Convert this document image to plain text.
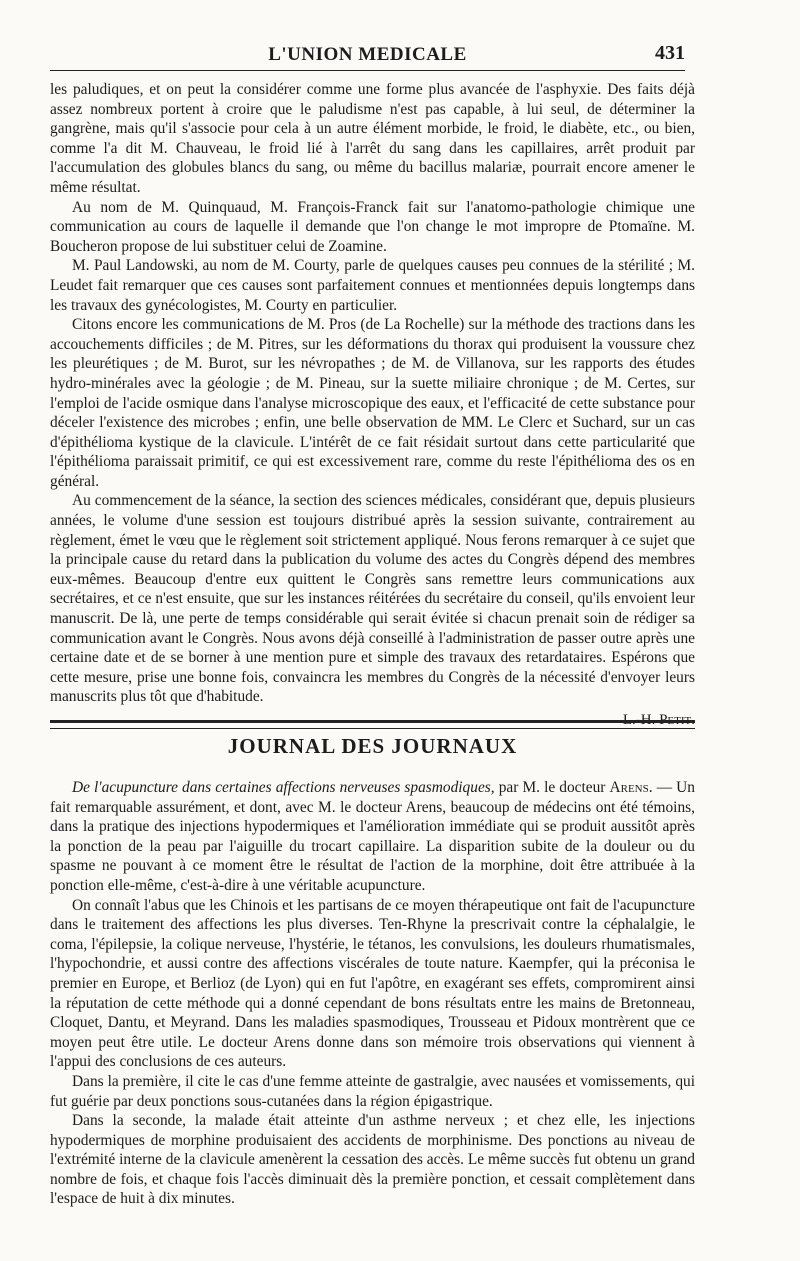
L'UNION MEDICALE	431

les paludiques, et on peut la considérer comme une forme plus avancée de l'asphyxie. Des faits déjà assez nombreux portent à croire que le paludisme n'est pas capable, à lui seul, de déterminer la gangrène, mais qu'il s'associe pour cela à un autre élément morbide, le froid, le diabète, etc., ou bien, comme l'a dit M. Chauveau, le froid lié à l'arrêt du sang dans les capillaires, arrêt produit par l'accumulation des globules blancs du sang, ou même du bacillus malariæ, pourrait encore amener le même résultat.

Au nom de M. Quinquaud, M. François-Franck fait sur l'anatomo-pathologie chimique une communication au cours de laquelle il demande que l'on change le mot impropre de Ptomaïne. M. Boucheron propose de lui substituer celui de Zoamine.

M. Paul Landowski, au nom de M. Courty, parle de quelques causes peu connues de la stérilité ; M. Leudet fait remarquer que ces causes sont parfaitement connues et mentionnées depuis longtemps dans les travaux des gynécologistes, M. Courty en particulier.

Citons encore les communications de M. Pros (de La Rochelle) sur la méthode des tractions dans les accouchements difficiles ; de M. Pitres, sur les déformations du thorax qui produisent la voussure chez les pleurétiques ; de M. Burot, sur les névropathes ; de M. de Villanova, sur les rapports des études hydro-minérales avec la géologie ; de M. Pineau, sur la suette miliaire chronique ; de M. Certes, sur l'emploi de l'acide osmique dans l'analyse microscopique des eaux, et l'efficacité de cette substance pour déceler l'existence des microbes ; enfin, une belle observation de MM. Le Clerc et Suchard, sur un cas d'épithélioma kystique de la clavicule. L'intérêt de ce fait résidait surtout dans cette particularité que l'épithélioma paraissait primitif, ce qui est excessivement rare, comme du reste l'épithélioma des os en général.

Au commencement de la séance, la section des sciences médicales, considérant que, depuis plusieurs années, le volume d'une session est toujours distribué après la session suivante, contrairement au règlement, émet le vœu que le règlement soit strictement appliqué. Nous ferons remarquer à ce sujet que la principale cause du retard dans la publication du volume des actes du Congrès dépend des membres eux-mêmes. Beaucoup d'entre eux quittent le Congrès sans remettre leurs communications aux secrétaires, et ce n'est ensuite, que sur les instances réitérées du secrétaire du conseil, qu'ils envoient leur manuscrit. De là, une perte de temps considérable qui serait évitée si chacun prenait soin de rédiger sa communication avant le Congrès. Nous avons déjà conseillé à l'administration de passer outre après une certaine date et de se borner à une mention pure et simple des travaux des retardataires. Espérons que cette mesure, prise une bonne fois, convaincra les membres du Congrès de la nécessité d'envoyer leurs manuscrits plus tôt que d'habitude.

L.-H. Petit.
JOURNAL DES JOURNAUX

De l'acupuncture dans certaines affections nerveuses spasmodiques, par M. le docteur Arens. — Un fait remarquable assurément, et dont, avec M. le docteur Arens, beaucoup de médecins ont été témoins, dans la pratique des injections hypodermiques et l'amélioration immédiate qui se produit aussitôt après la ponction de la peau par l'aiguille du trocart capillaire. La disparition subite de la douleur ou du spasme ne pouvant à ce moment être le résultat de l'action de la morphine, doit être attribuée à la ponction elle-même, c'est-à-dire à une véritable acupuncture.

On connaît l'abus que les Chinois et les partisans de ce moyen thérapeutique ont fait de l'acupuncture dans le traitement des affections les plus diverses. Ten-Rhyne la prescrivait contre la céphalalgie, le coma, l'épilepsie, la colique nerveuse, l'hystérie, le tétanos, les convulsions, les douleurs rhumatismales, l'hypochondrie, et aussi contre des affections viscérales de toute nature. Kaempfer, qui la préconisa le premier en Europe, et Berlioz (de Lyon) qui en fut l'apôtre, en exagérant ses effets, compromirent ainsi la réputation de cette méthode qui a donné cependant de bons résultats entre les mains de Bretonneau, Cloquet, Dantu, et Meyrand. Dans les maladies spasmodiques, Trousseau et Pidoux montrèrent que ce moyen peut être utile. Le docteur Arens donne dans son mémoire trois observations qui viennent à l'appui des conclusions de ces auteurs.

Dans la première, il cite le cas d'une femme atteinte de gastralgie, avec nausées et vomissements, qui fut guérie par deux ponctions sous-cutanées dans la région épigastrique.

Dans la seconde, la malade était atteinte d'un asthme nerveux ; et chez elle, les injections hypodermiques de morphine produisaient des accidents de morphinisme. Des ponctions au niveau de l'extrémité interne de la clavicule amenèrent la cessation des accès. Le même succès fut obtenu un grand nombre de fois, et chaque fois l'accès diminuait dès la première ponction, et cessait complètement dans l'espace de huit à dix minutes.
